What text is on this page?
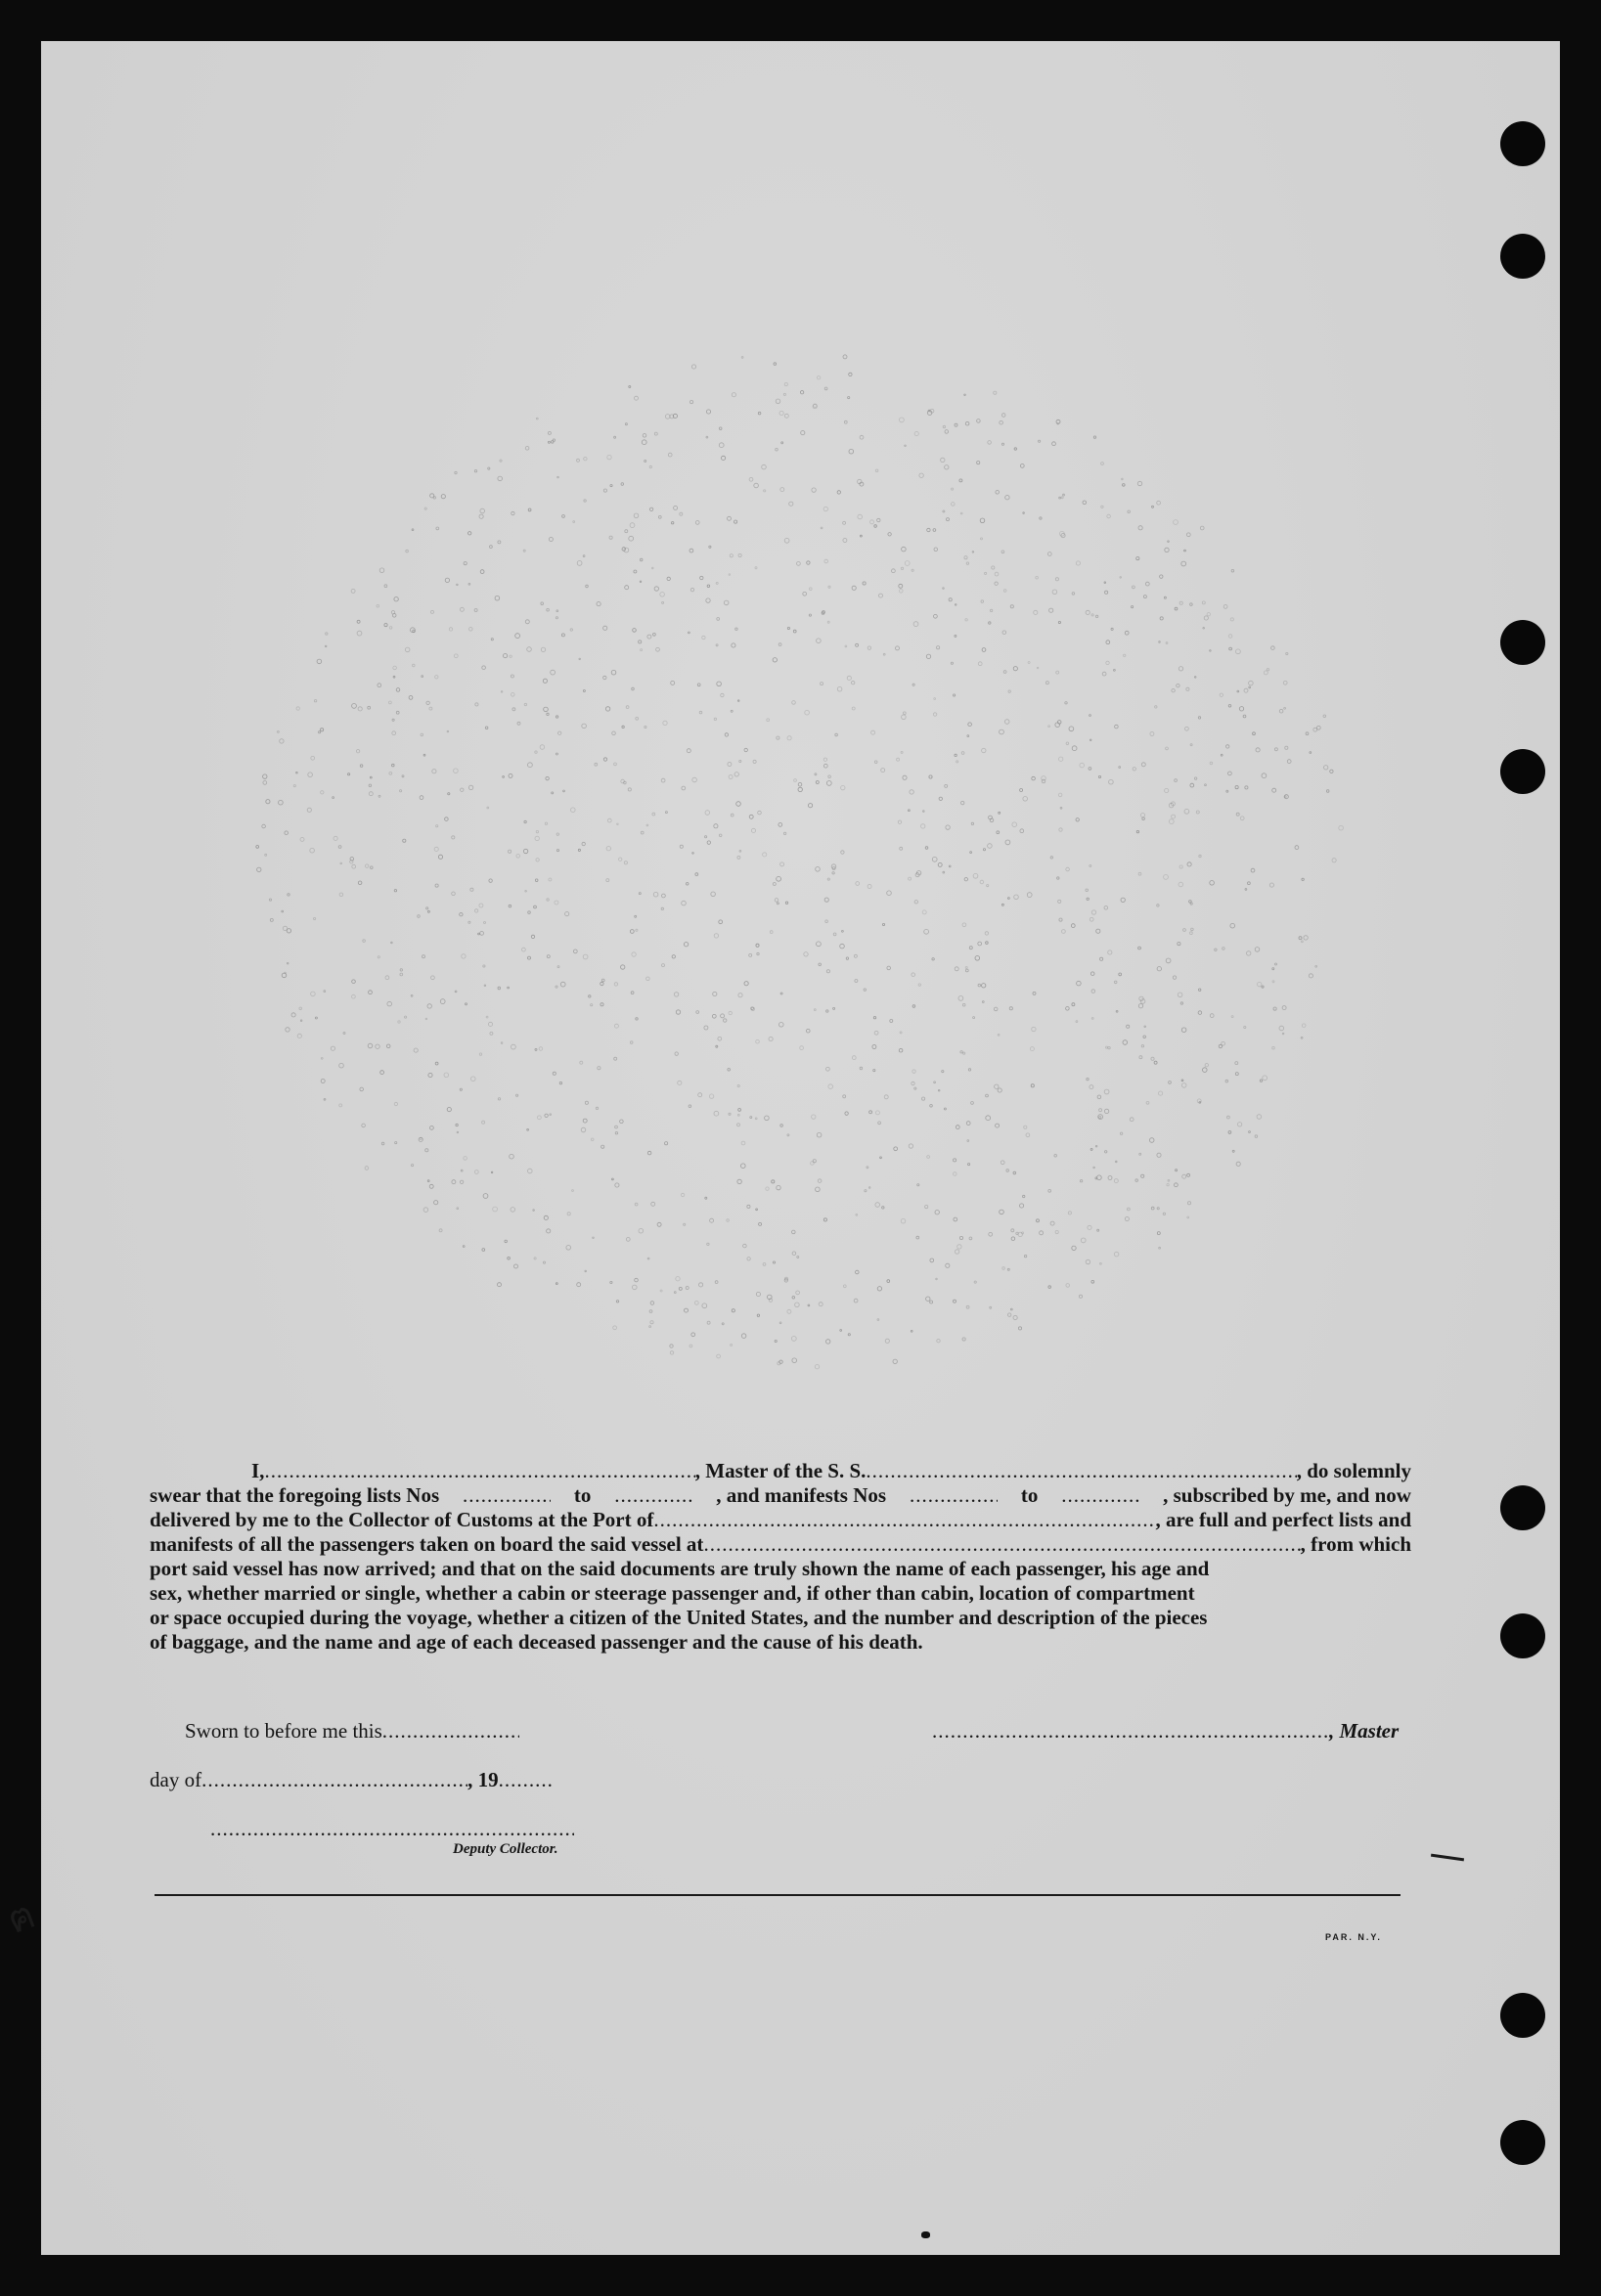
I, .....	, Master of the S. S. .....	, do solemnly
swear that the foregoing lists Nos .....	to .....	, and manifests Nos .....	to .....	, subscribed by me, and now
delivered by me to the Collector of Customs at the Port of .....	, are full and perfect lists and
manifests of all the passengers taken on board the said vessel at .....	, from which
port said vessel has now arrived; and that on the said documents are truly shown the name of each passenger, his age and
sex, whether married or single, whether a cabin or steerage passenger and, if other than cabin, location of compartment
or space occupied during the voyage, whether a citizen of the United States, and the number and description of the pieces
of baggage, and the name and age of each deceased passenger and the cause of his death.
Sworn to before me this ..... .....	, Master
day of .....	, 19.....
.....
Deputy Collector.
PAR. N.Y.
ฅ
